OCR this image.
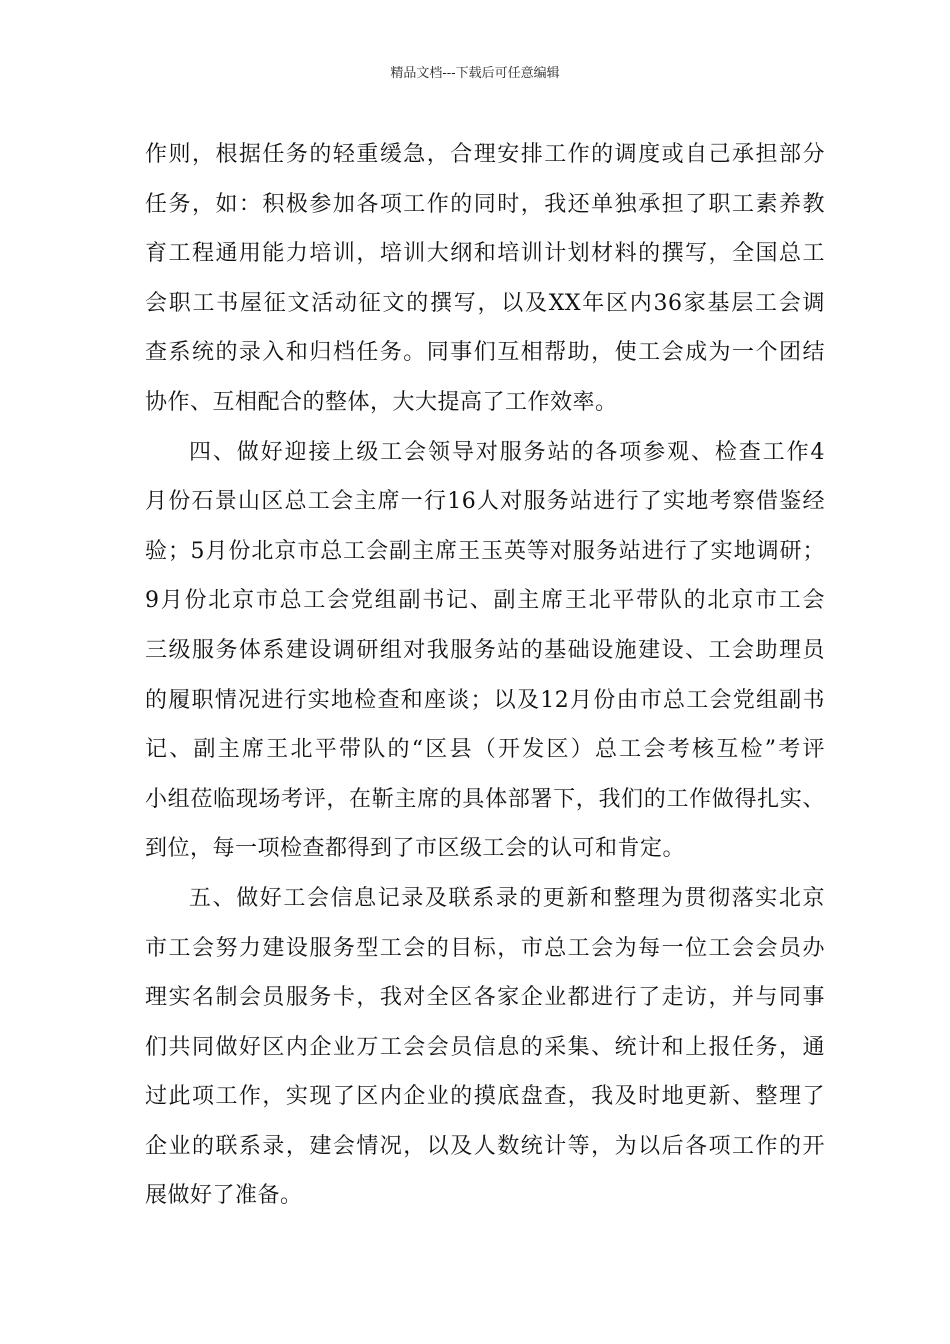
精品文档---下载后可任意编辑
作则，根据任务的轻重缓急，合理安排工作的调度或自己承担部分
任务，如：积极参加各项工作的同时，我还单独承担了职工素养教
育工程通用能力培训，培训大纲和培训计划材料的撰写，全国总工
会职工书屋征文活动征文的撰写，以及XX年区内36家基层工会调
查系统的录入和归档任务。同事们互相帮助，使工会成为一个团结
协作、互相配合的整体，大大提高了工作效率。
四、做好迎接上级工会领导对服务站的各项参观、检查工作4
月份石景山区总工会主席一行16人对服务站进行了实地考察借鉴经
验；5月份北京市总工会副主席王玉英等对服务站进行了实地调研；
9月份北京市总工会党组副书记、副主席王北平带队的北京市工会
三级服务体系建设调研组对我服务站的基础设施建设、工会助理员
的履职情况进行实地检查和座谈；以及12月份由市总工会党组副书
记、副主席王北平带队的“区县（开发区）总工会考核互检”考评
小组莅临现场考评，在靳主席的具体部署下，我们的工作做得扎实、
到位，每一项检查都得到了市区级工会的认可和肯定。
五、做好工会信息记录及联系录的更新和整理为贯彻落实北京
市工会努力建设服务型工会的目标，市总工会为每一位工会会员办
理实名制会员服务卡，我对全区各家企业都进行了走访，并与同事
们共同做好区内企业万工会会员信息的采集、统计和上报任务，通
过此项工作，实现了区内企业的摸底盘查，我及时地更新、整理了
企业的联系录，建会情况，以及人数统计等，为以后各项工作的开
展做好了准备。
